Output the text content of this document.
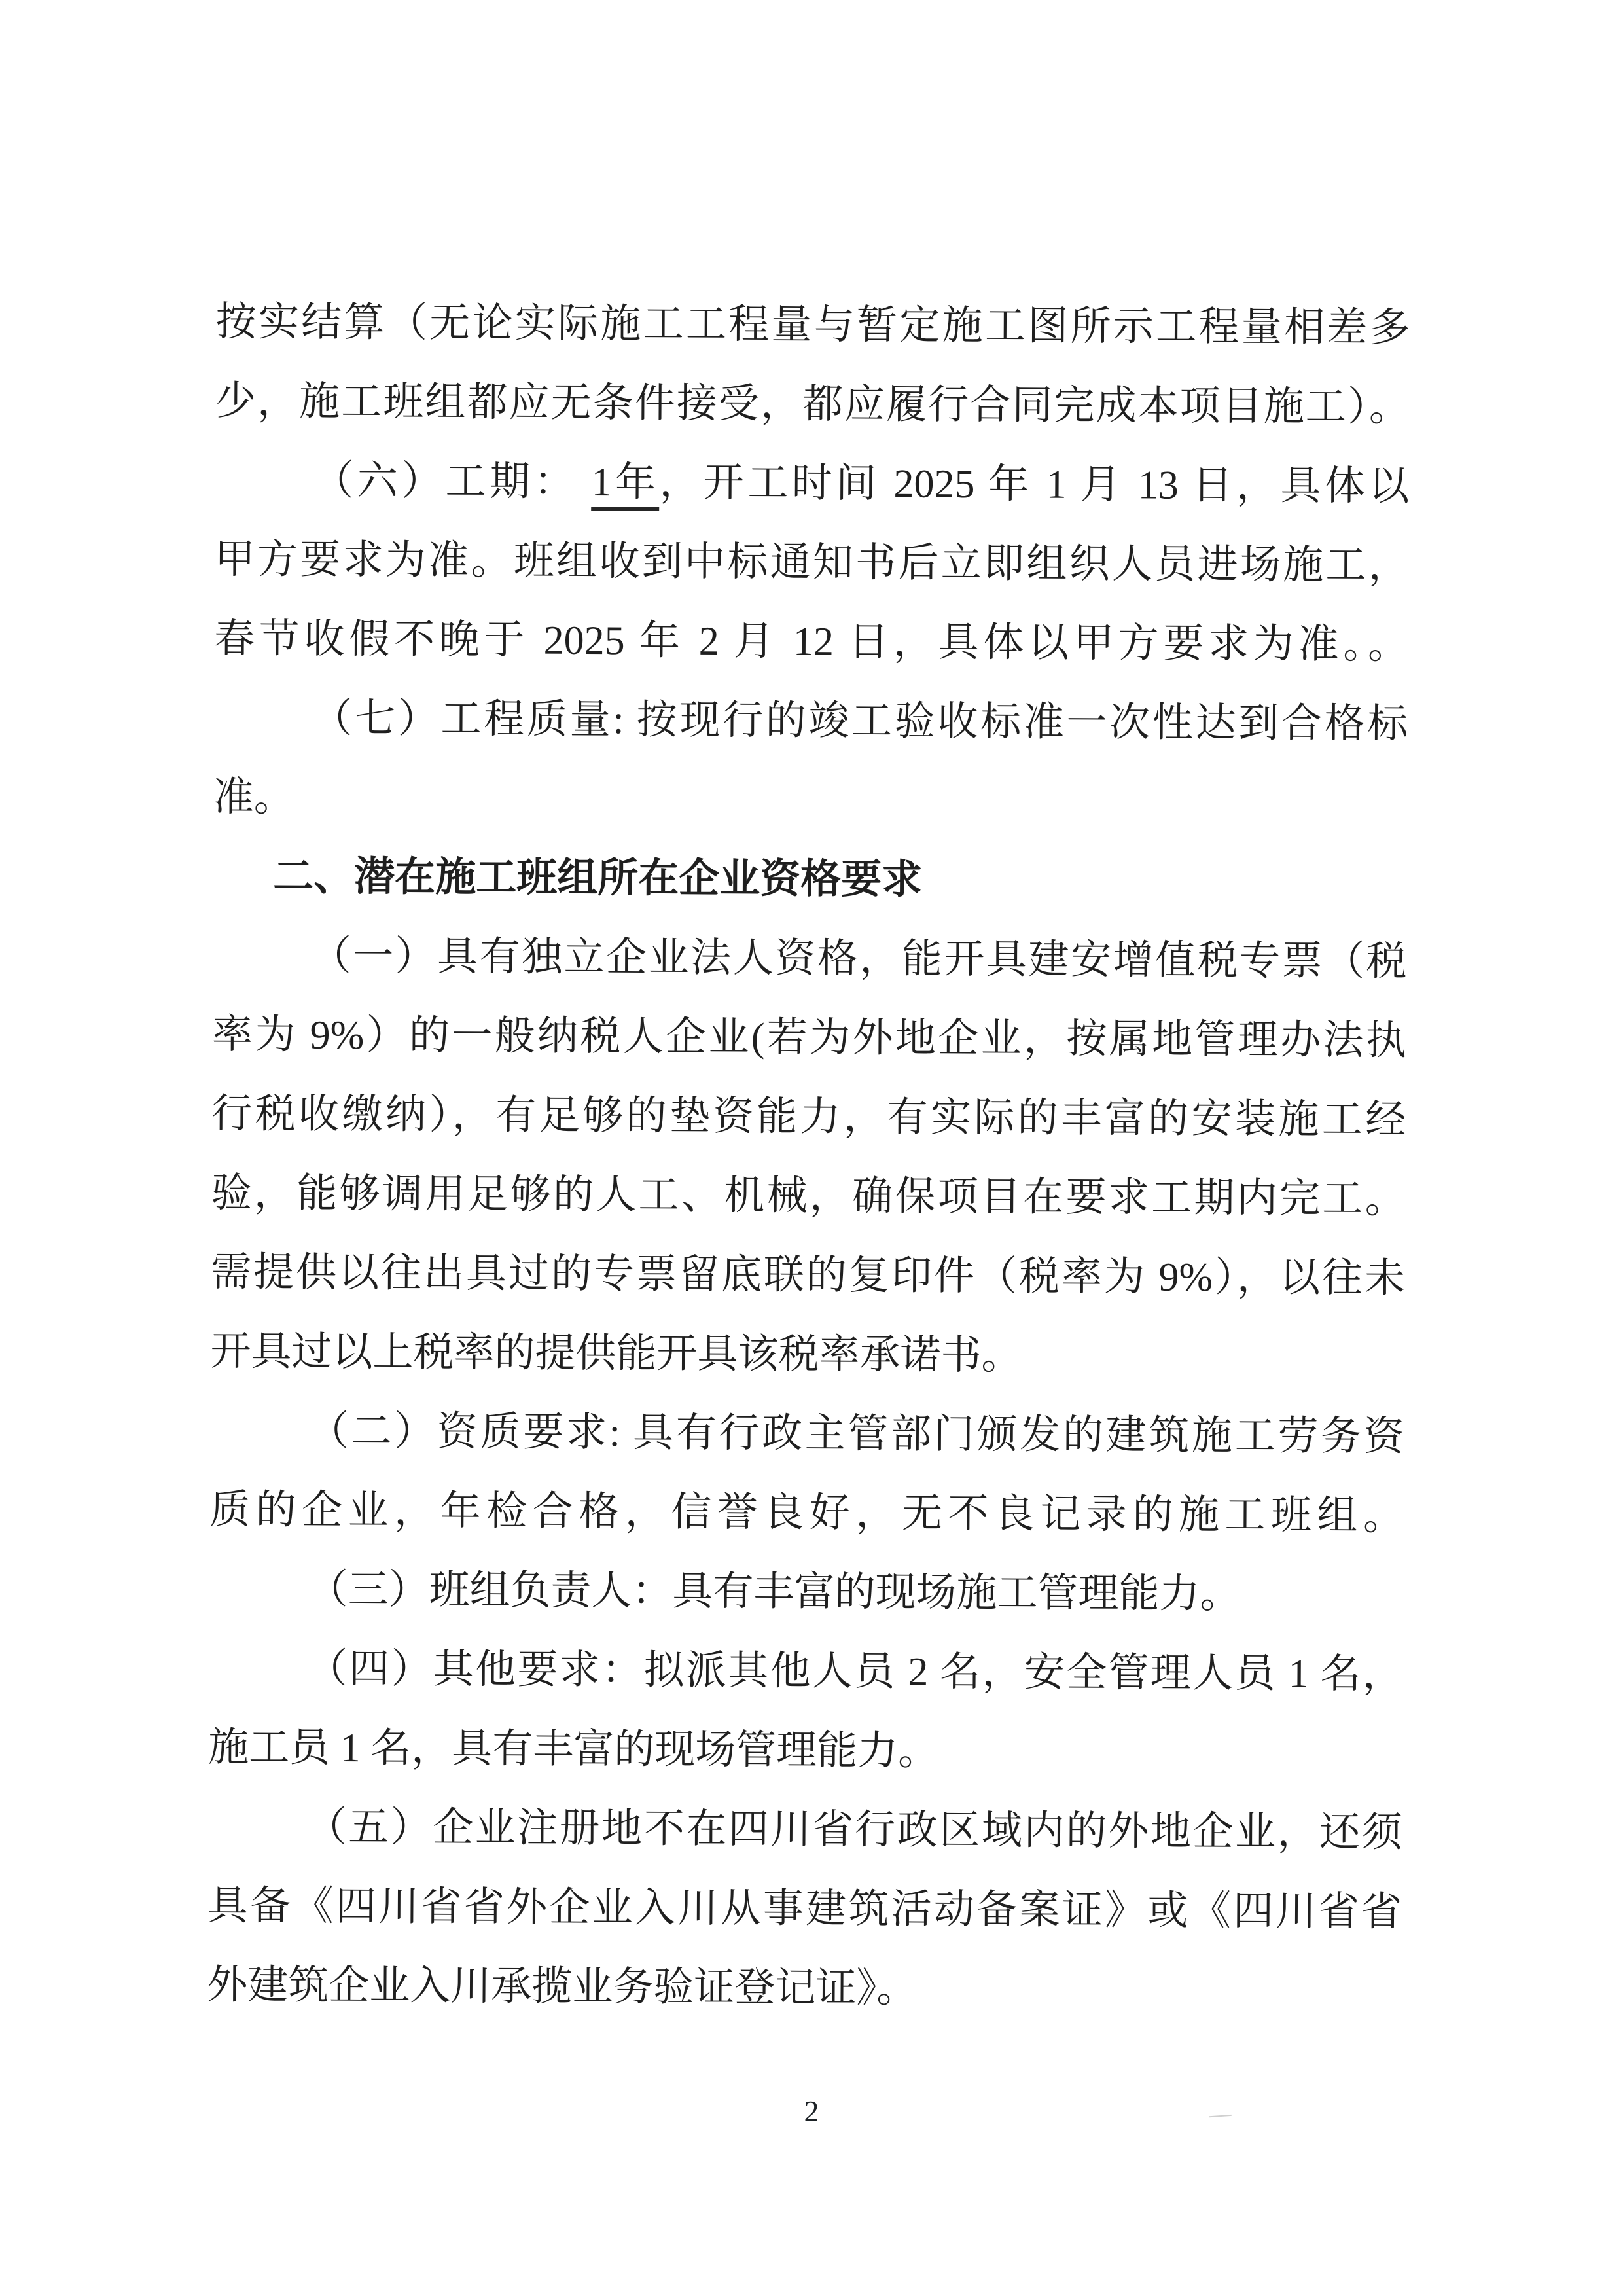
按实结算（无论实际施工工程量与暂定施工图所示工程量相差多
少，施工班组都应无条件接受，都应履行合同完成本项目施工）。
（六）工期： 1年，开工时间 2025 年 1 月 13 日，具体以
甲方要求为准。班组收到中标通知书后立即组织人员进场施工，
春节收假不晚于 2025 年 2 月 12 日，具体以甲方要求为准。。
（七）工程质量: 按现行的竣工验收标准一次性达到合格标
准。
二、潜在施工班组所在企业资格要求
（一）具有独立企业法人资格，能开具建安增值税专票（税
率为 9%）的一般纳税人企业(若为外地企业，按属地管理办法执
行税收缴纳），有足够的垫资能力，有实际的丰富的安装施工经
验，能够调用足够的人工、机械，确保项目在要求工期内完工。
需提供以往出具过的专票留底联的复印件（税率为 9%），以往未
开具过以上税率的提供能开具该税率承诺书。
（二）资质要求: 具有行政主管部门颁发的建筑施工劳务资
质的企业，年检合格，信誉良好，无不良记录的施工班组。
（三）班组负责人：具有丰富的现场施工管理能力。
（四）其他要求：拟派其他人员 2 名，安全管理人员 1 名，
施工员 1 名，具有丰富的现场管理能力。
（五）企业注册地不在四川省行政区域内的外地企业，还须
具备《四川省省外企业入川从事建筑活动备案证》或《四川省省
外建筑企业入川承揽业务验证登记证》。
2
